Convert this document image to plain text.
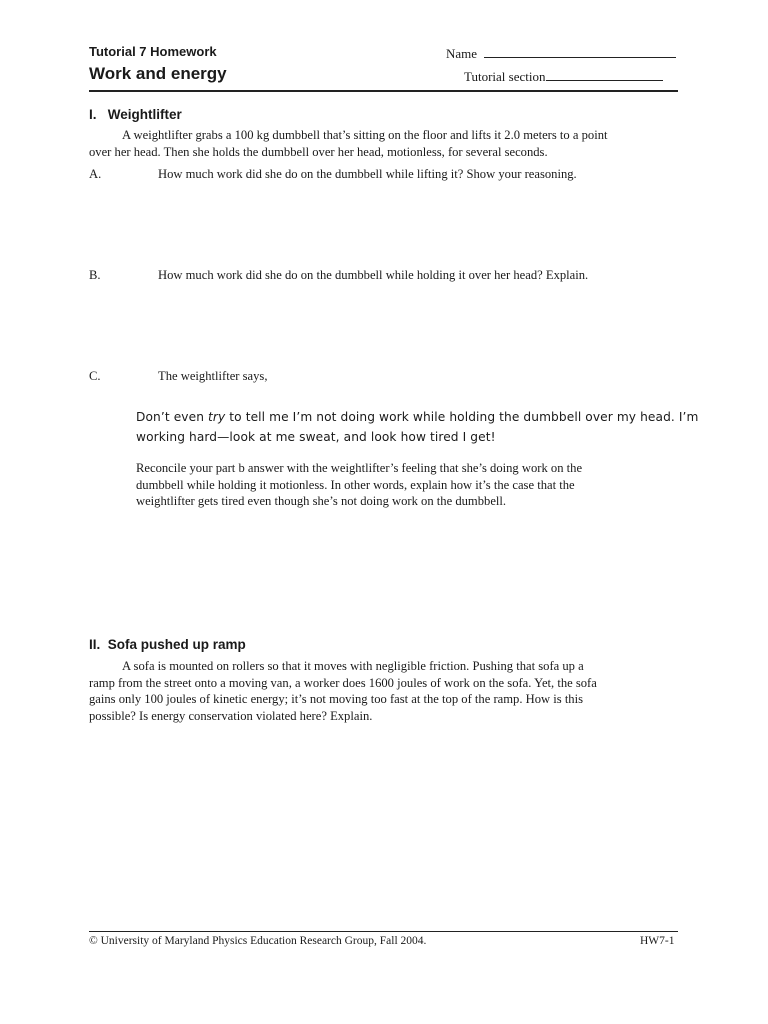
Tutorial 7 Homework
Work and energy
Name
Tutorial section
I.   Weightlifter
A weightlifter grabs a 100 kg dumbbell that’s sitting on the floor and lifts it 2.0 meters to a point
over her head. Then she holds the dumbbell over her head, motionless, for several seconds.
A.	How much work did she do on the dumbbell while lifting it? Show your reasoning.
B.	How much work did she do on the dumbbell while holding it over her head? Explain.
C.	The weightlifter says,
Don’t even try to tell me I’m not doing work while holding the dumbbell over my head. I’m
working hard—look at me sweat, and look how tired I get!
Reconcile your part b answer with the weightlifter’s feeling that she’s doing work on the
dumbbell while holding it motionless. In other words, explain how it’s the case that the
weightlifter gets tired even though she’s not doing work on the dumbbell.
II.  Sofa pushed up ramp
A sofa is mounted on rollers so that it moves with negligible friction. Pushing that sofa up a
ramp from the street onto a moving van, a worker does 1600 joules of work on the sofa. Yet, the sofa
gains only 100 joules of kinetic energy; it’s not moving too fast at the top of the ramp. How is this
possible? Is energy conservation violated here? Explain.
© University of Maryland Physics Education Research Group, Fall 2004.	HW7-1
